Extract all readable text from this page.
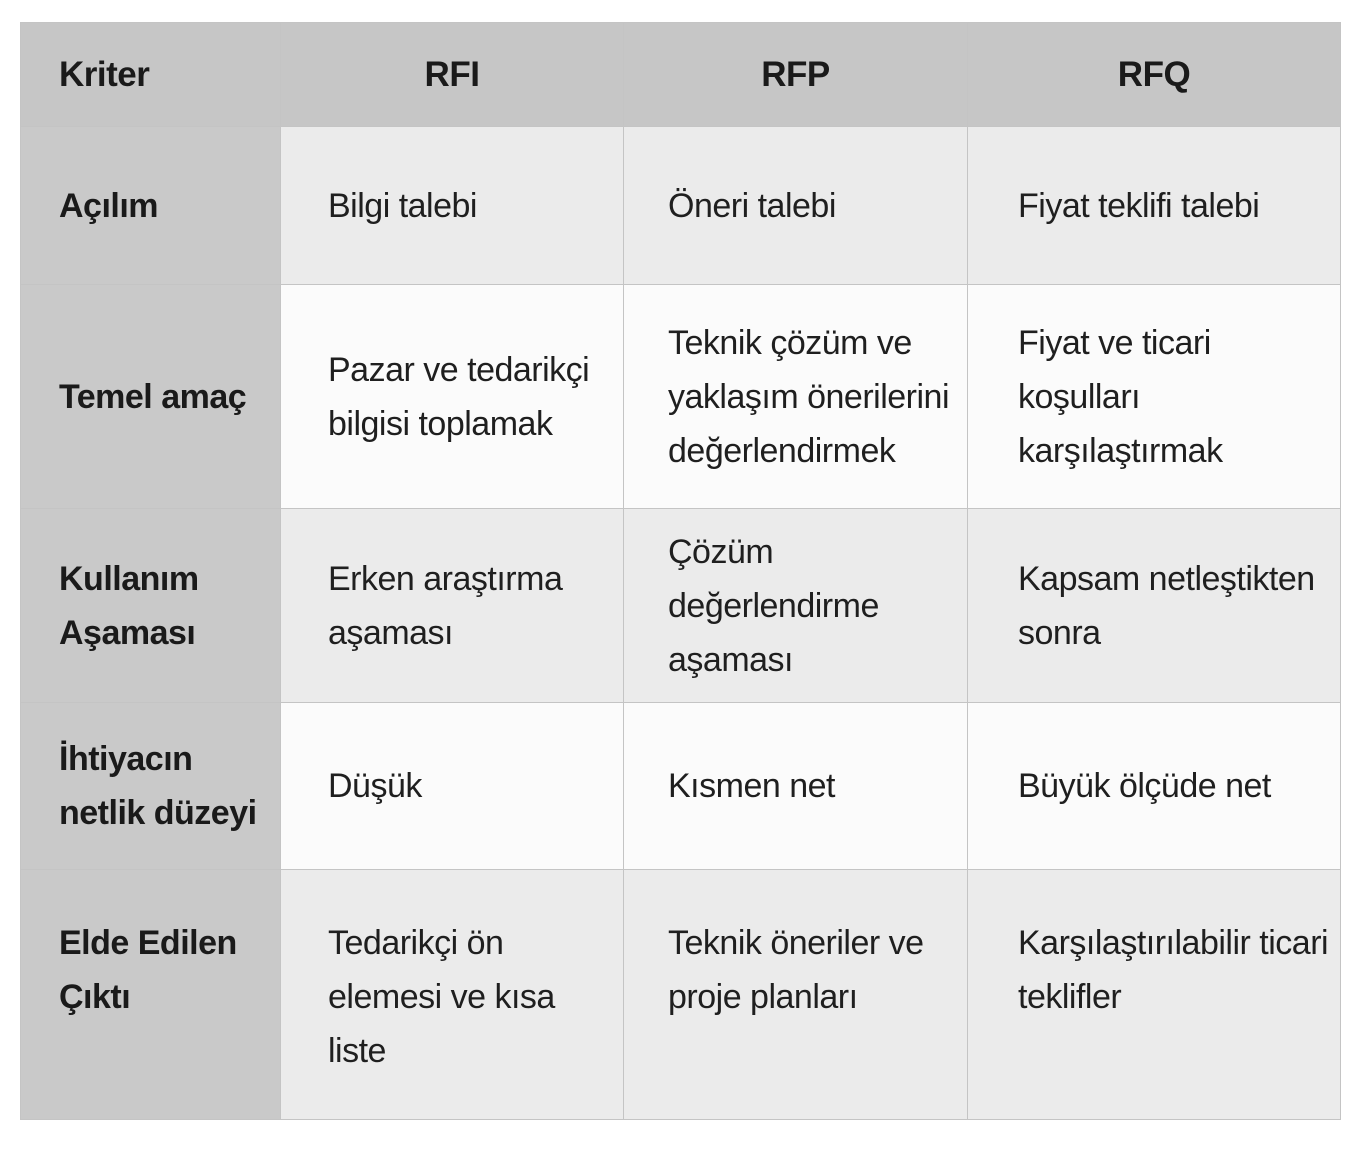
Kriter	RFI	RFP	RFQ

Açılım	Bilgi talebi	Öneri talebi	Fiyat teklifi talebi

Temel amaç	Pazar ve tedarikçi bilgisi toplamak	Teknik çözüm ve yaklaşım önerilerini değerlendirmek	Fiyat ve ticari koşulları karşılaştırmak

Kullanım Aşaması	Erken araştırma aşaması	Çözüm değerlendirme aşaması	Kapsam netleştikten sonra

İhtiyacın netlik düzeyi	Düşük	Kısmen net	Büyük ölçüde net

Elde Edilen Çıktı	Tedarikçi ön elemesi ve kısa liste	Teknik öneriler ve proje planları	Karşılaştırılabilir ticari teklifler
